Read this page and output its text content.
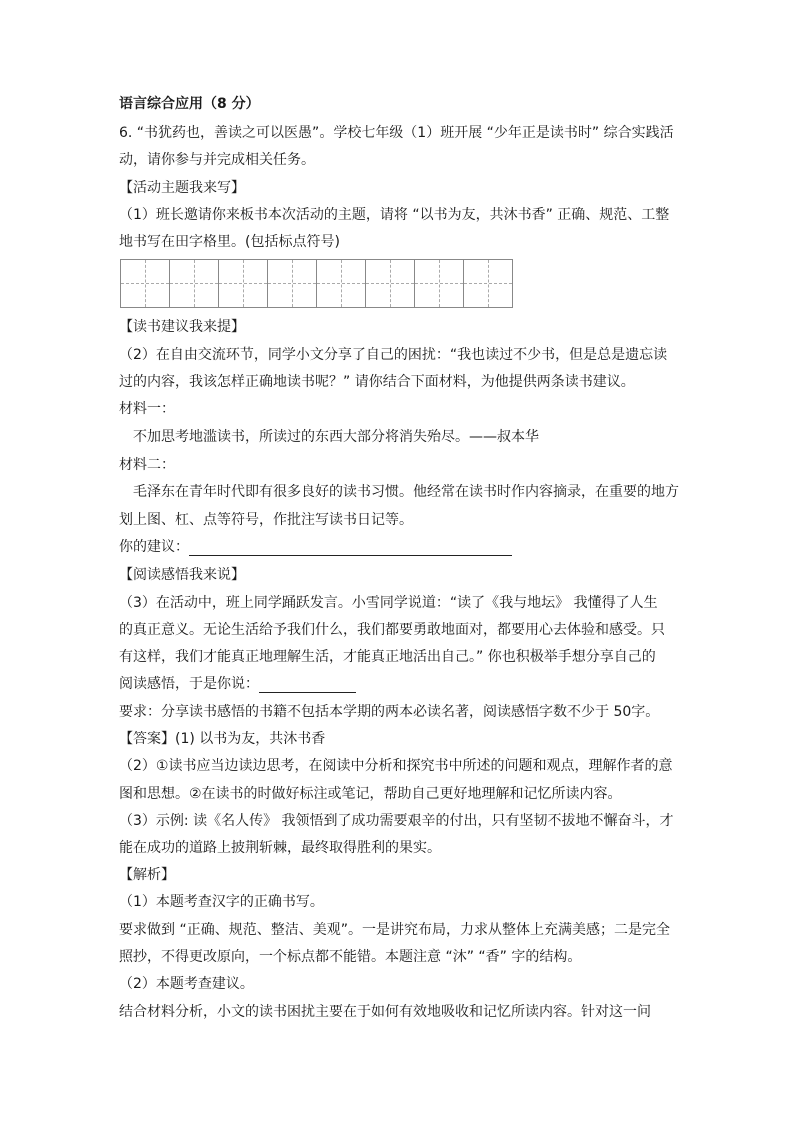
语言综合应用（8 分）
6. “书犹药也，善读之可以医愚”。学校七年级（1）班开展 “少年正是读书时” 综合实践活
动，请你参与并完成相关任务。
【活动主题我来写】
（1）班长邀请你来板书本次活动的主题，请将 “以书为友，共沐书香” 正确、规范、工整
地书写在田字格里。(包括标点符号)
【读书建议我来提】
（2）在自由交流环节，同学小文分享了自己的困扰：“我也读过不少书，但是总是遗忘读
过的内容，我该怎样正确地读书呢？” 请你结合下面材料，为他提供两条读书建议。
材料一：
不加思考地滥读书，所读过的东西大部分将消失殆尽。——叔本华
材料二：
毛泽东在青年时代即有很多良好的读书习惯。他经常在读书时作内容摘录，在重要的地方
划上图、杠、点等符号，作批注写读书日记等。
你的建议：
【阅读感悟我来说】
（3）在活动中，班上同学踊跃发言。小雪同学说道：“读了《我与地坛》 我懂得了人生
的真正意义。无论生活给予我们什么，我们都要勇敢地面对，都要用心去体验和感受。只
有这样，我们才能真正地理解生活，才能真正地活出自己。” 你也积极举手想分享自己的
阅读感悟，于是你说：
要求：分享读书感悟的书籍不包括本学期的两本必读名著，阅读感悟字数不少于 50字。
【答案】(1) 以书为友，共沐书香
（2）①读书应当边读边思考，在阅读中分析和探究书中所述的问题和观点，理解作者的意
图和思想。②在读书的时做好标注或笔记，帮助自己更好地理解和记忆所读内容。
（3）示例: 读《名人传》 我领悟到了成功需要艰辛的付出，只有坚韧不拔地不懈奋斗，才
能在成功的道路上披荆斩棘，最终取得胜利的果实。
【解析】
（1）本题考查汉字的正确书写。
要求做到 “正确、规范、整洁、美观”。一是讲究布局，力求从整体上充满美感；二是完全
照抄，不得更改原向，一个标点都不能错。本题注意 “沐” “香” 字的结构。
（2）本题考查建议。
结合材料分析，小文的读书困扰主要在于如何有效地吸收和记忆所读内容。针对这一问
